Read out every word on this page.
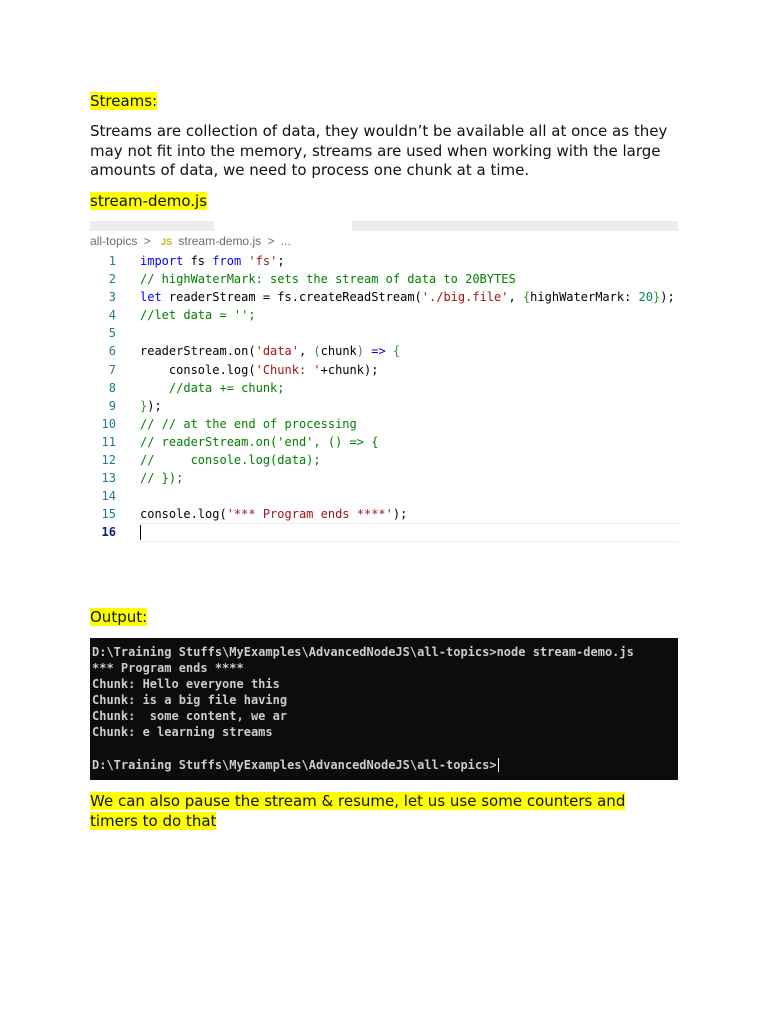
Streams:
Streams are collection of data, they wouldn’t be available all at once as they
may not fit into the memory, streams are used when working with the large
amounts of data, we need to process one chunk at a time.
stream-demo.js
all-topics > JS stream-demo.js > ...
1 import fs from 'fs';
2 // highWaterMark: sets the stream of data to 20BYTES
3 let readerStream = fs.createReadStream('./big.file', {highWaterMark: 20});
4 //let data = '';
5
6 readerStream.on('data', (chunk) => {
7    console.log('Chunk: '+chunk);
8	//data += chunk;
9 });
10 // // at the end of processing
11 // readerStream.on('end', () => {
12 //     console.log(data);
13 // });
14
15 console.log('*** Program ends ****');
16
Output:
D:\Training Stuffs\MyExamples\AdvancedNodeJS\all-topics>node stream-demo.js
*** Program ends ****
Chunk: Hello everyone this
Chunk: is a big file having
Chunk:  some content, we ar
Chunk: e learning streams
D:\Training Stuffs\MyExamples\AdvancedNodeJS\all-topics>
We can also pause the stream & resume, let us use some counters and
timers to do that
